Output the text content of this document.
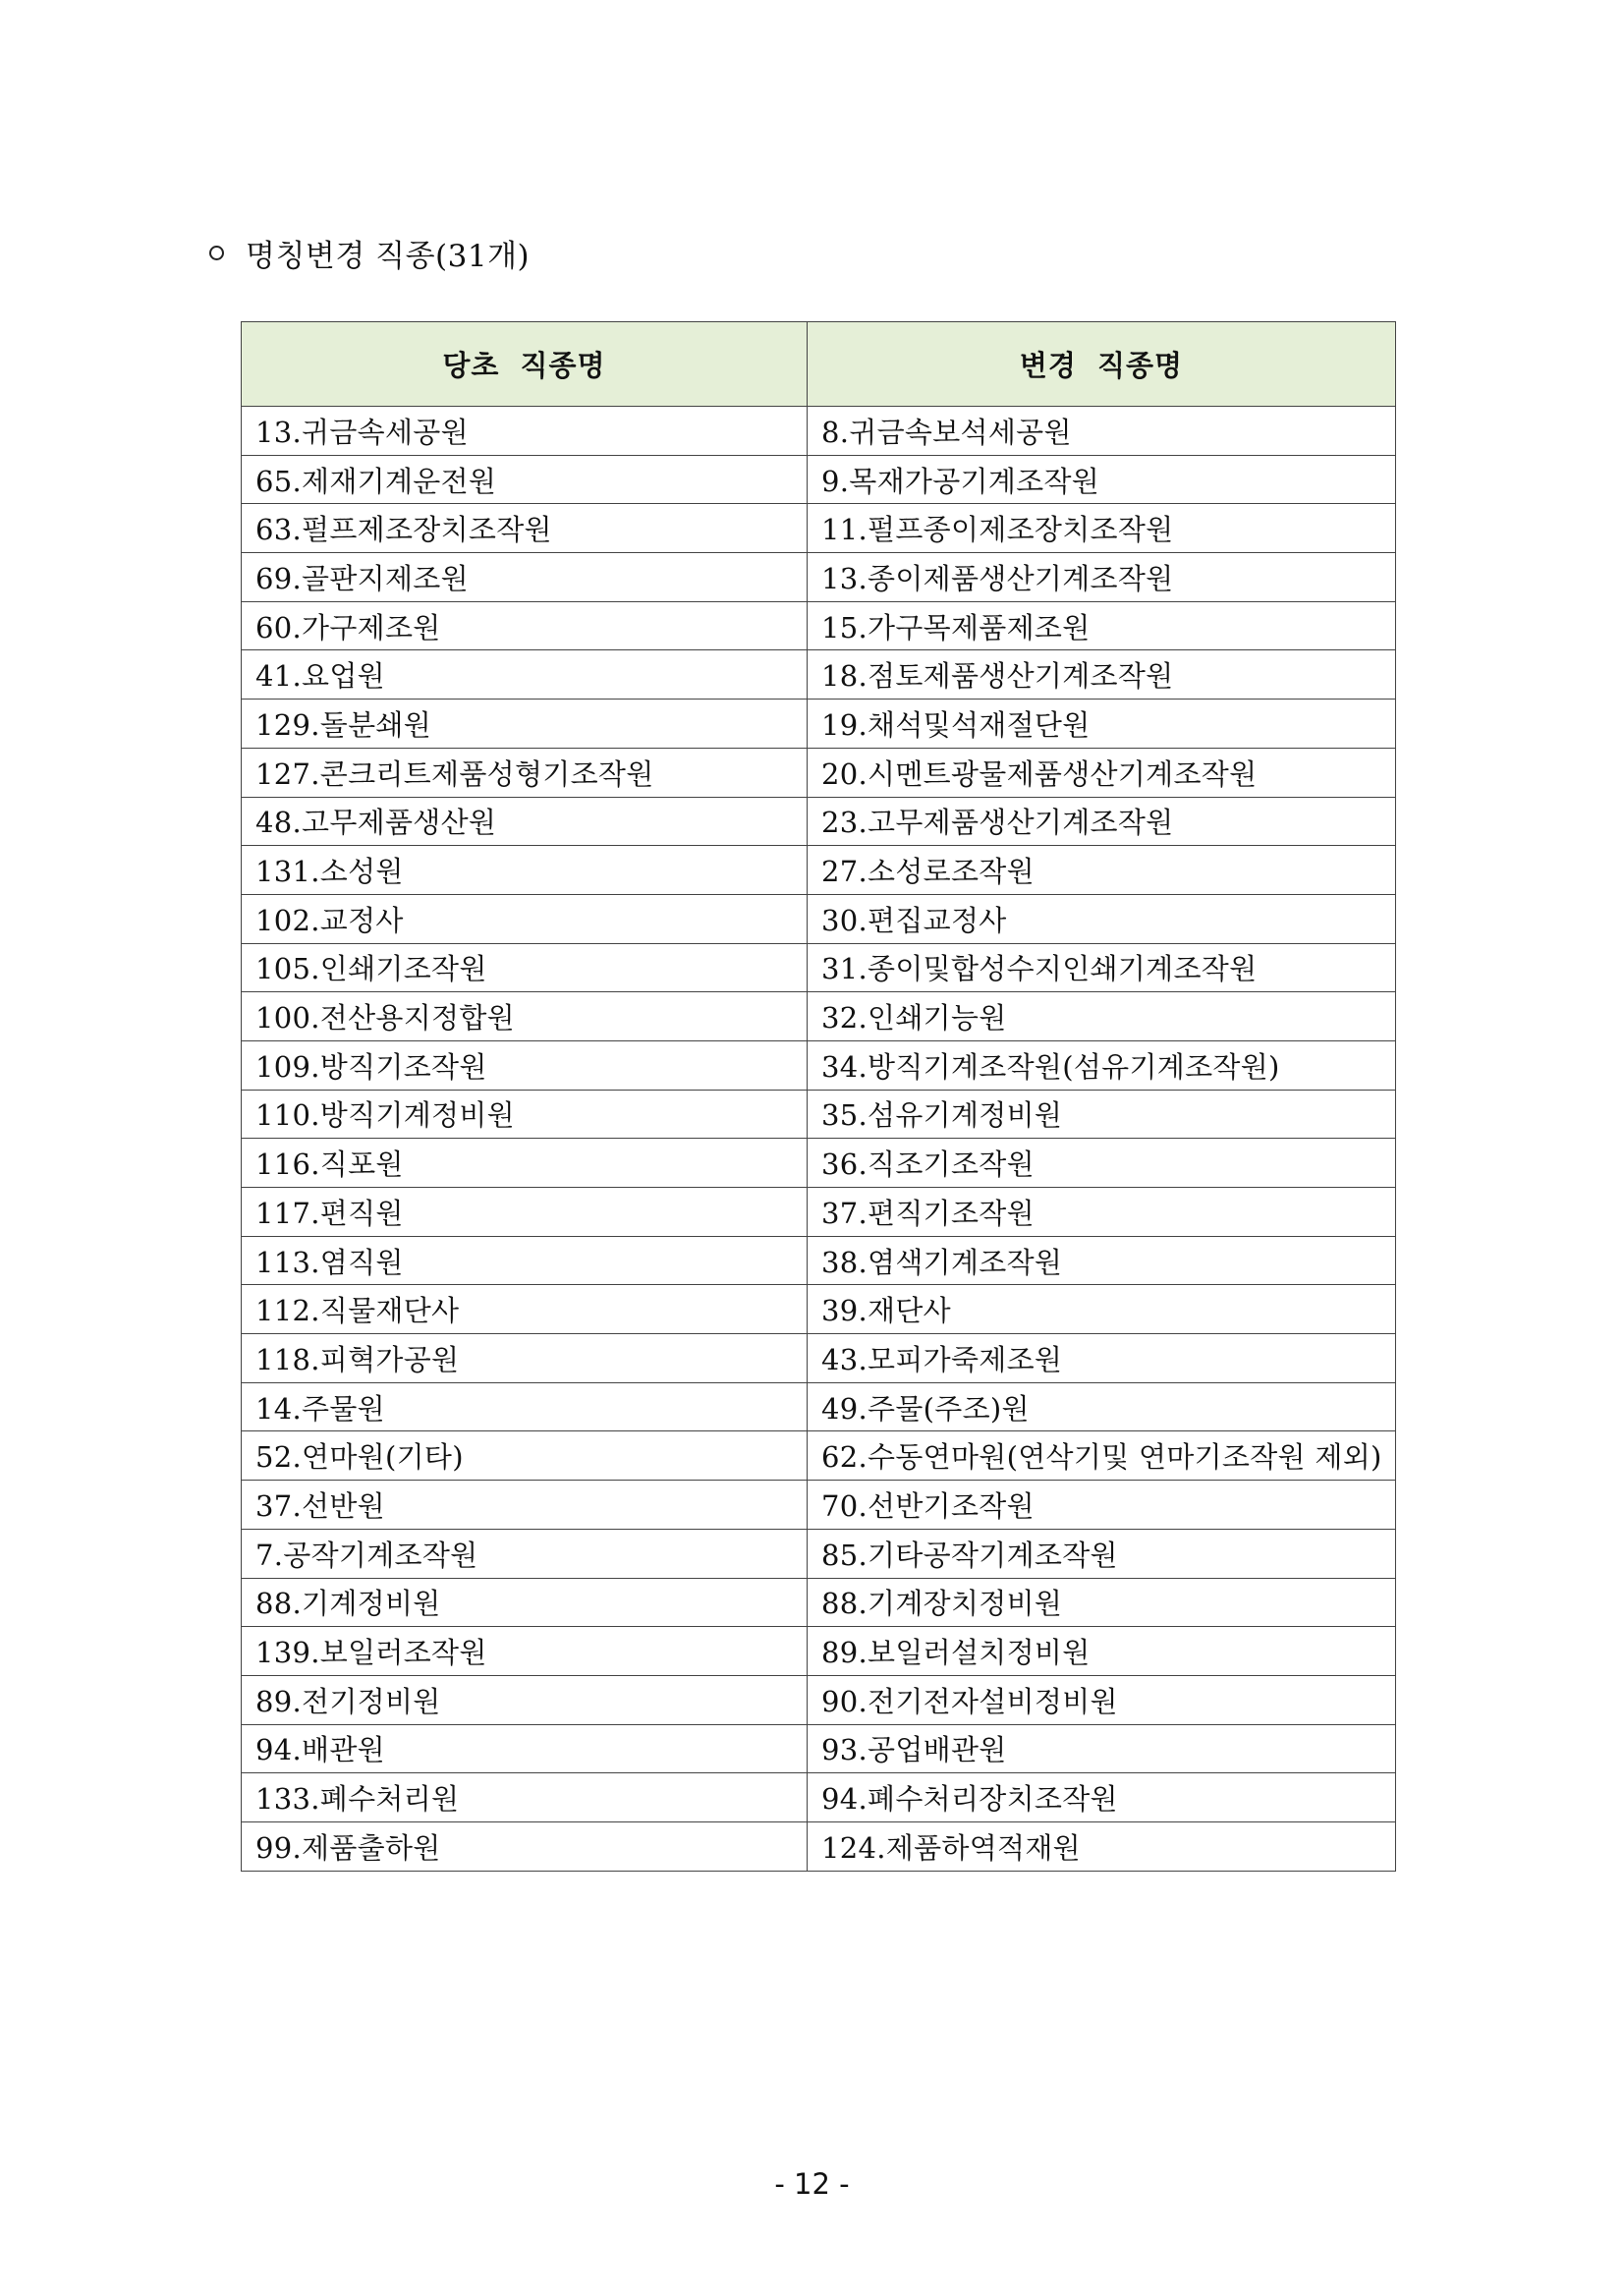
명칭변경 직종(31개)
당초 직종명	변경 직종명
13.귀금속세공원	8.귀금속보석세공원
65.제재기계운전원	9.목재가공기계조작원
63.펄프제조장치조작원	11.펄프종이제조장치조작원
69.골판지제조원	13.종이제품생산기계조작원
60.가구제조원	15.가구목제품제조원
41.요업원	18.점토제품생산기계조작원
129.돌분쇄원	19.채석및석재절단원
127.콘크리트제품성형기조작원	20.시멘트광물제품생산기계조작원
48.고무제품생산원	23.고무제품생산기계조작원
131.소성원	27.소성로조작원
102.교정사	30.편집교정사
105.인쇄기조작원	31.종이및합성수지인쇄기계조작원
100.전산용지정합원	32.인쇄기능원
109.방직기조작원	34.방직기계조작원(섬유기계조작원)
110.방직기계정비원	35.섬유기계정비원
116.직포원	36.직조기조작원
117.편직원	37.편직기조작원
113.염직원	38.염색기계조작원
112.직물재단사	39.재단사
118.피혁가공원	43.모피가죽제조원
14.주물원	49.주물(주조)원
52.연마원(기타)	62.수동연마원(연삭기및 연마기조작원 제외)
37.선반원	70.선반기조작원
7.공작기계조작원	85.기타공작기계조작원
88.기계정비원	88.기계장치정비원
139.보일러조작원	89.보일러설치정비원
89.전기정비원	90.전기전자설비정비원
94.배관원	93.공업배관원
133.폐수처리원	94.폐수처리장치조작원
99.제품출하원	124.제품하역적재원
- 12 -
